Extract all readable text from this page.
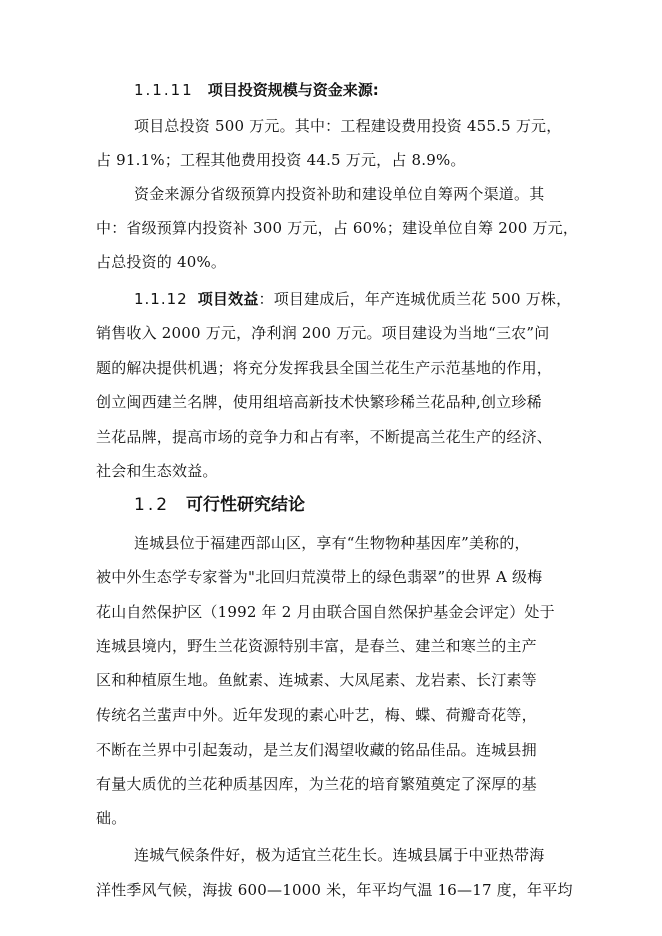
1.1.11 项目投资规模与资金来源:
项目总投资 500 万元。其中：工程建设费用投资 455.5 万元，
占 91.1%；工程其他费用投资 44.5 万元，占 8.9%。
资金来源分省级预算内投资补助和建设单位自筹两个渠道。其
中：省级预算内投资补 300 万元，占 60%；建设单位自筹 200 万元，
占总投资的 40%。
1.1.12 项目效益：项目建成后，年产连城优质兰花 500 万株，
销售收入 2000 万元，净利润 200 万元。项目建设为当地“三农”问
题的解决提供机遇；将充分发挥我县全国兰花生产示范基地的作用，
创立闽西建兰名牌，使用组培高新技术快繁珍稀兰花品种,创立珍稀
兰花品牌，提高市场的竞争力和占有率，不断提高兰花生产的经济、
社会和生态效益。
1.2 可行性研究结论
连城县位于福建西部山区，享有“生物物种基因库”美称的，
被中外生态学专家誉为"北回归荒漠带上的绿色翡翠”的世界 A 级梅
花山自然保护区（1992 年 2 月由联合国自然保护基金会评定）处于
连城县境内，野生兰花资源特别丰富，是春兰、建兰和寒兰的主产
区和种植原生地。鱼魫素、连城素、大凤尾素、龙岩素、长汀素等
传统名兰蜚声中外。近年发现的素心叶艺，梅、蝶、荷瓣奇花等，
不断在兰界中引起轰动，是兰友们渴望收藏的铭品佳品。连城县拥
有量大质优的兰花种质基因库，为兰花的培育繁殖奠定了深厚的基
础。
连城气候条件好，极为适宜兰花生长。连城县属于中亚热带海
洋性季风气候，海拔 600—1000 米，年平均气温 16—17 度，年平均
